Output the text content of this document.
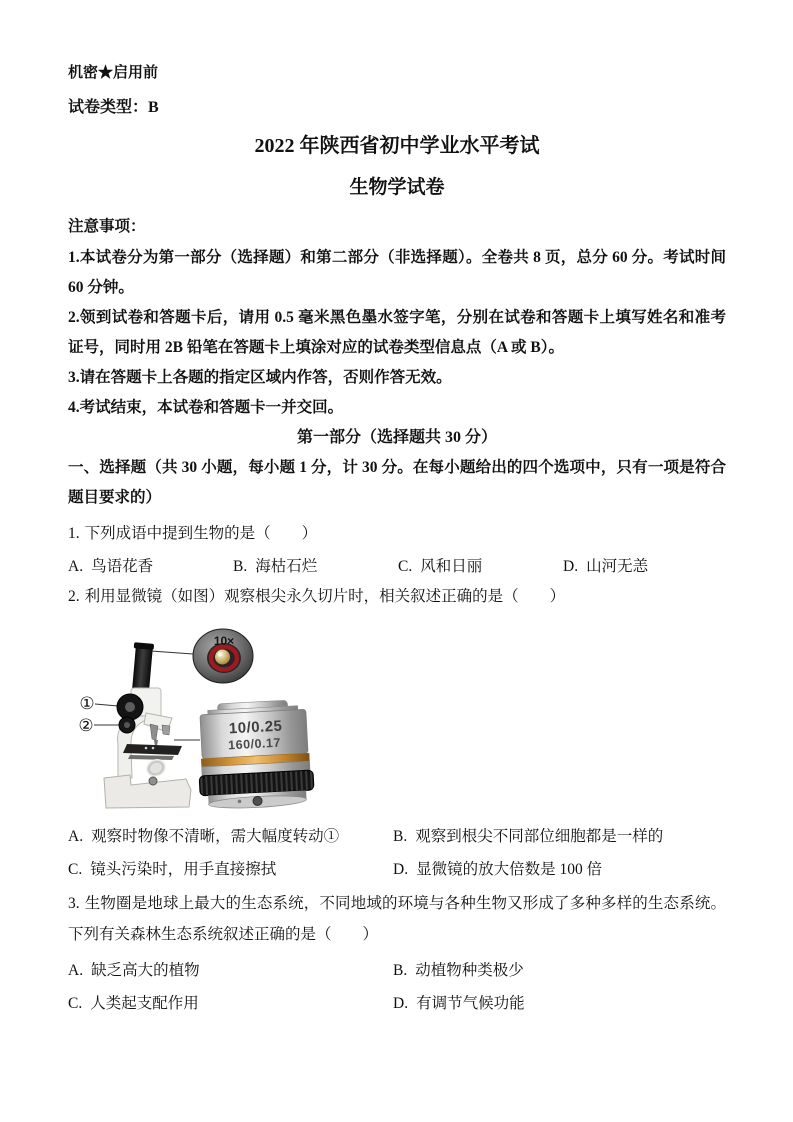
机密★启用前
试卷类型：B
2022 年陕西省初中学业水平考试
生物学试卷
注意事项：

1.本试卷分为第一部分（选择题）和第二部分（非选择题）。全卷共 8 页，总分 60 分。考试时间 60 分钟。

2.领到试卷和答题卡后，请用 0.5 毫米黑色墨水签字笔，分别在试卷和答题卡上填写姓名和准考证号，同时用 2B 铅笔在答题卡上填涂对应的试卷类型信息点（A 或 B）。

3.请在答题卡上各题的指定区域内作答，否则作答无效。

4.考试结束，本试卷和答题卡一并交回。

第一部分（选择题共 30 分）

一、选择题（共 30 小题，每小题 1 分，计 30 分。在每小题给出的四个选项中，只有一项是符合题目要求的）

1. 下列成语中提到生物的是（　　）

A. 鸟语花香	B. 海枯石烂	C. 风和日丽	D. 山河无恙

2. 利用显微镜（如图）观察根尖永久切片时，相关叙述正确的是（　　）

①
②
10×
10/0.25
160/0.17
A. 观察时物像不清晰，需大幅度转动①	B. 观察到根尖不同部位细胞都是一样的
C. 镜头污染时，用手直接擦拭	D. 显微镜的放大倍数是 100 倍

3. 生物圈是地球上最大的生态系统，不同地域的环境与各种生物又形成了多种多样的生态系统。下列有关森林生态系统叙述正确的是（　　）

A. 缺乏高大的植物	B. 动植物种类极少
C. 人类起支配作用	D. 有调节气候功能
